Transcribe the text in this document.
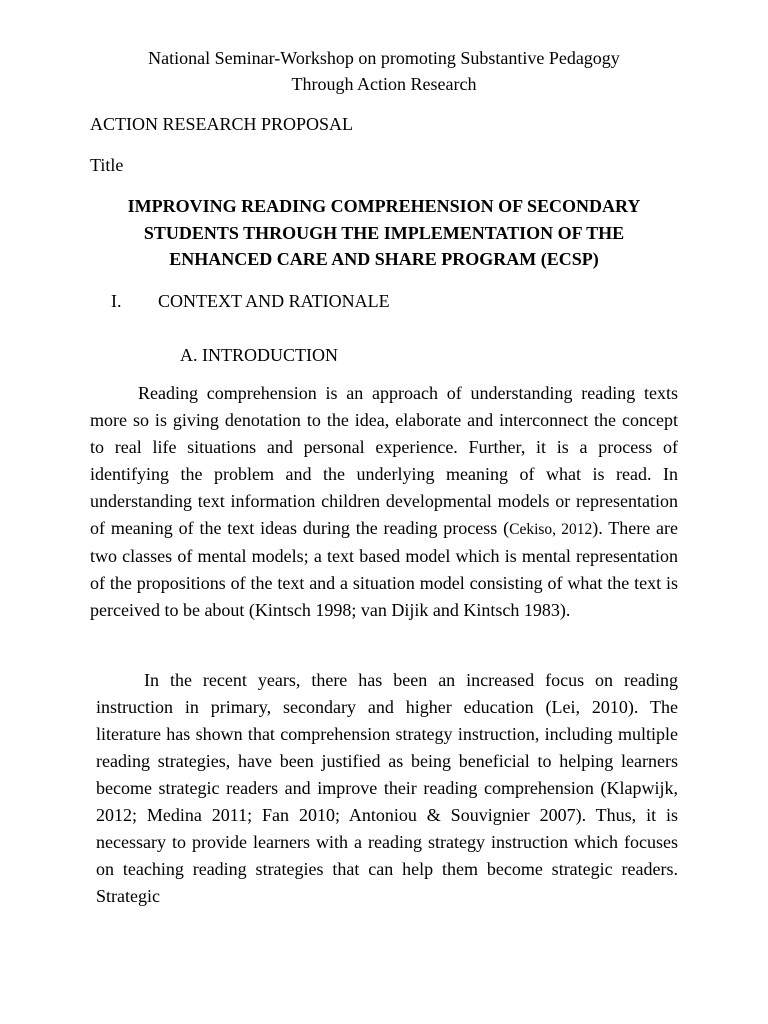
National Seminar-Workshop on promoting Substantive Pedagogy
Through Action Research
ACTION RESEARCH PROPOSAL
Title
IMPROVING READING COMPREHENSION OF SECONDARY
STUDENTS THROUGH THE IMPLEMENTATION OF THE
ENHANCED CARE AND SHARE PROGRAM (ECSP)
I. CONTEXT AND RATIONALE
A. INTRODUCTION

Reading comprehension is an approach of understanding reading texts more so is giving denotation to the idea, elaborate and interconnect the concept to real life situations and personal experience. Further, it is a process of identifying the problem and the underlying meaning of what is read. In understanding text information children developmental models or representation of meaning of the text ideas during the reading process (Cekiso, 2012). There are two classes of mental models; a text based model which is mental representation of the propositions of the text and a situation model consisting of what the text is perceived to be about (Kintsch 1998; van Dijik and Kintsch 1983).

In the recent years, there has been an increased focus on reading instruction in primary, secondary and higher education (Lei, 2010). The literature has shown that comprehension strategy instruction, including multiple reading strategies, have been justified as being beneficial to helping learners become strategic readers and improve their reading comprehension (Klapwijk, 2012; Medina 2011; Fan 2010; Antoniou & Souvignier 2007). Thus, it is necessary to provide learners with a reading strategy instruction which focuses on teaching reading strategies that can help them become strategic readers. Strategic
